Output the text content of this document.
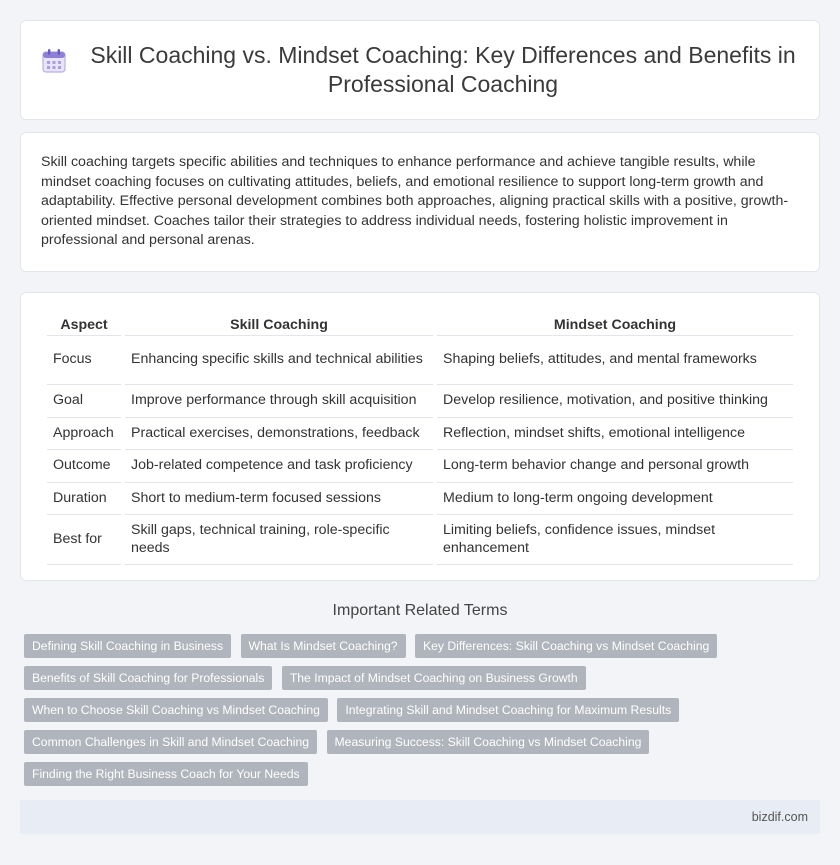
Skill Coaching vs. Mindset Coaching: Key Differences and Benefits in Professional Coaching

Skill coaching targets specific abilities and techniques to enhance performance and achieve tangible results, while mindset coaching focuses on cultivating attitudes, beliefs, and emotional resilience to support long-term growth and adaptability. Effective personal development combines both approaches, aligning practical skills with a positive, growth-oriented mindset. Coaches tailor their strategies to address individual needs, fostering holistic improvement in professional and personal arenas.

Aspect	Skill Coaching	Mindset Coaching
Focus	Enhancing specific skills and technical abilities	Shaping beliefs, attitudes, and mental frameworks
Goal	Improve performance through skill acquisition	Develop resilience, motivation, and positive thinking
Approach	Practical exercises, demonstrations, feedback	Reflection, mindset shifts, emotional intelligence
Outcome	Job-related competence and task proficiency	Long-term behavior change and personal growth
Duration	Short to medium-term focused sessions	Medium to long-term ongoing development
Best for	Skill gaps, technical training, role-specific needs	Limiting beliefs, confidence issues, mindset enhancement
Important Related Terms
Defining Skill Coaching in Business What Is Mindset Coaching? Key Differences: Skill Coaching vs Mindset Coaching
Benefits of Skill Coaching for Professionals The Impact of Mindset Coaching on Business Growth
When to Choose Skill Coaching vs Mindset Coaching Integrating Skill and Mindset Coaching for Maximum Results
Common Challenges in Skill and Mindset Coaching Measuring Success: Skill Coaching vs Mindset Coaching
Finding the Right Business Coach for Your Needs
bizdif.com
